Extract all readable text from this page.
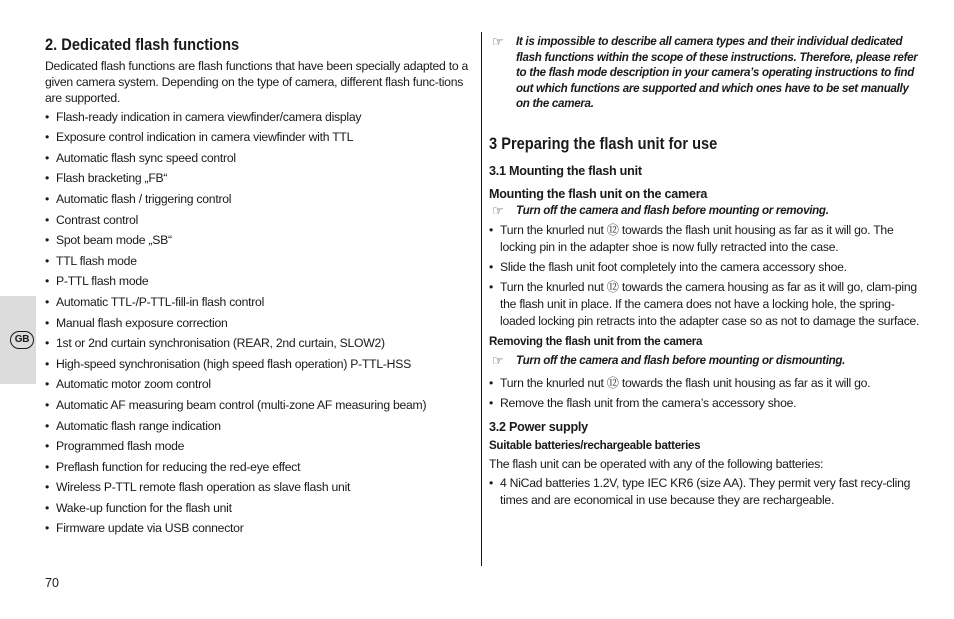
GB
2. Dedicated flash functions

Dedicated flash functions are flash functions that have been specially adapted to a given camera system. Depending on the type of camera, different flash func-tions are supported.

• Flash-ready indication in camera viewfinder/camera display
• Exposure control indication in camera viewfinder with TTL
• Automatic flash sync speed control
• Flash bracketing „FB“
• Automatic flash / triggering control
• Contrast control
• Spot beam mode „SB“
• TTL flash mode
• P-TTL flash mode
• Automatic TTL-/P-TTL-fill-in flash control
• Manual flash exposure correction
• 1st or 2nd curtain synchronisation (REAR, 2nd curtain, SLOW2)
• High-speed synchronisation (high speed flash operation) P-TTL-HSS
• Automatic motor zoom control
• Automatic AF measuring beam control (multi-zone AF measuring beam)
• Automatic flash range indication
• Programmed flash mode
• Preflash function for reducing the red-eye effect
• Wireless P-TTL remote flash operation as slave flash unit
• Wake-up function for the flash unit
• Firmware update via USB connector
☞ It is impossible to describe all camera types and their individual dedicated flash functions within the scope of these instructions. Therefore, please refer to the flash mode description in your camera’s operating instructions to find out which functions are supported and which ones have to be set manually on the camera.
3 Preparing the flash unit for use
3.1 Mounting the flash unit
Mounting the flash unit on the camera
☞ Turn off the camera and flash before mounting or removing.
• Turn the knurled nut ⑫ towards the flash unit housing as far as it will go. The locking pin in the adapter shoe is now fully retracted into the case.
• Slide the flash unit foot completely into the camera accessory shoe.
• Turn the knurled nut ⑫ towards the camera housing as far as it will go, clam-ping the flash unit in place. If the camera does not have a locking hole, the spring-loaded locking pin retracts into the adapter case so as not to damage the surface.
Removing the flash unit from the camera
☞ Turn off the camera and flash before mounting or dismounting.
• Turn the knurled nut ⑫ towards the flash unit housing as far as it will go.
• Remove the flash unit from the camera’s accessory shoe.
3.2 Power supply
Suitable batteries/rechargeable batteries
The flash unit can be operated with any of the following batteries:
• 4 NiCad batteries 1.2V, type IEC KR6 (size AA). They permit very fast recy-cling times and are economical in use because they are rechargeable.
70
